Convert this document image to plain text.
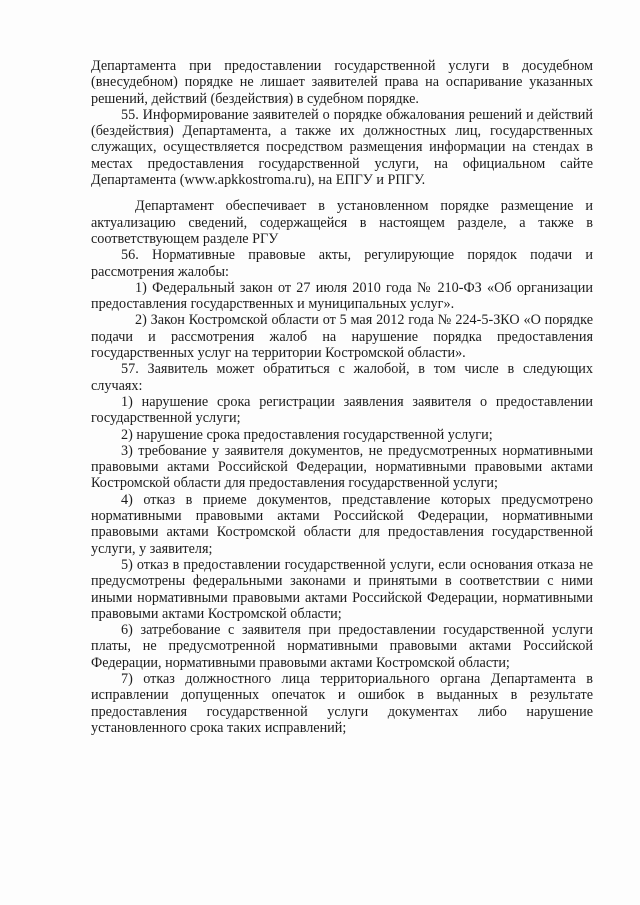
Департамента при предоставлении государственной услуги в досудебном (внесудебном) порядке не лишает заявителей права на оспаривание указанных решений, действий (бездействия) в судебном порядке.

55. Информирование заявителей о порядке обжалования решений и действий (бездействия) Департамента, а также их должностных лиц, государственных служащих, осуществляется посредством размещения информации на стендах в местах предоставления государственной услуги, на официальном сайте Департамента (www.apkkostroma.ru), на ЕПГУ и РПГУ.

Департамент обеспечивает в установленном порядке размещение и актуализацию сведений, содержащейся в настоящем разделе, а также в соответствующем разделе РГУ

56. Нормативные правовые акты, регулирующие порядок подачи и рассмотрения жалобы:

1) Федеральный закон от 27 июля 2010 года № 210-ФЗ «Об организации предоставления государственных и муниципальных услуг».

2) Закон Костромской области от 5 мая 2012 года № 224-5-ЗКО «О порядке подачи и рассмотрения жалоб на нарушение порядка предоставления государственных услуг на территории Костромской области».

57. Заявитель может обратиться с жалобой, в том числе в следующих случаях:

1) нарушение срока регистрации заявления заявителя о предоставлении государственной услуги;

2) нарушение срока предоставления государственной услуги;

3) требование у заявителя документов, не предусмотренных нормативными правовыми актами Российской Федерации, нормативными правовыми актами Костромской области для предоставления государственной услуги;

4) отказ в приеме документов, представление которых предусмотрено нормативными правовыми актами Российской Федерации, нормативными правовыми актами Костромской области для предоставления государственной услуги, у заявителя;

5) отказ в предоставлении государственной услуги, если основания отказа не предусмотрены федеральными законами и принятыми в соответствии с ними иными нормативными правовыми актами Российской Федерации, нормативными правовыми актами Костромской области;

6) затребование с заявителя при предоставлении государственной услуги платы, не предусмотренной нормативными правовыми актами Российской Федерации, нормативными правовыми актами Костромской области;

7) отказ должностного лица территориального органа Департамента в исправлении допущенных опечаток и ошибок в выданных в результате предоставления государственной услуги документах либо нарушение установленного срока таких исправлений;
